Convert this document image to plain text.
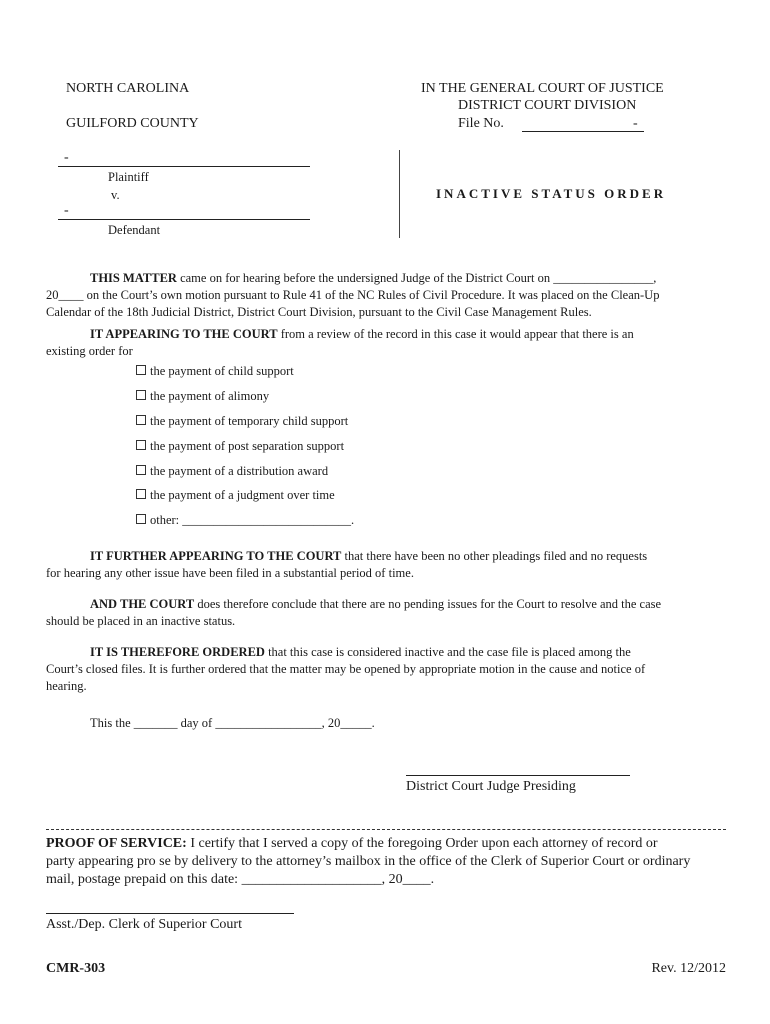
NORTH CAROLINA
GUILFORD COUNTY
IN THE GENERAL COURT OF JUSTICE
DISTRICT COURT DIVISION
File No.	-
-
Plaintiff
v.
-
Defendant
INACTIVE STATUS ORDER
THIS MATTER came on for hearing before the undersigned Judge of the District Court on ________________,
20____ on the Court’s own motion pursuant to Rule 41 of the NC Rules of Civil Procedure. It was placed on the Clean-Up
Calendar of the 18th Judicial District, District Court Division, pursuant to the Civil Case Management Rules.
IT APPEARING TO THE COURT from a review of the record in this case it would appear that there is an
existing order for
the payment of child support
the payment of alimony
the payment of temporary child support
the payment of post separation support
the payment of a distribution award
the payment of a judgment over time
other: ___________________________.
IT FURTHER APPEARING TO THE COURT that there have been no other pleadings filed and no requests
for hearing any other issue have been filed in a substantial period of time.
AND THE COURT does therefore conclude that there are no pending issues for the Court to resolve and the case
should be placed in an inactive status.
IT IS THEREFORE ORDERED that this case is considered inactive and the case file is placed among the
Court’s closed files. It is further ordered that the matter may be opened by appropriate motion in the cause and notice of
hearing.
This the _______ day of _________________, 20_____.
District Court Judge Presiding
PROOF OF SERVICE: I certify that I served a copy of the foregoing Order upon each attorney of record or
party appearing pro se by delivery to the attorney’s mailbox in the office of the Clerk of Superior Court or ordinary
mail, postage prepaid on this date: ____________________, 20____.
Asst./Dep. Clerk of Superior Court
CMR-303	Rev. 12/2012
